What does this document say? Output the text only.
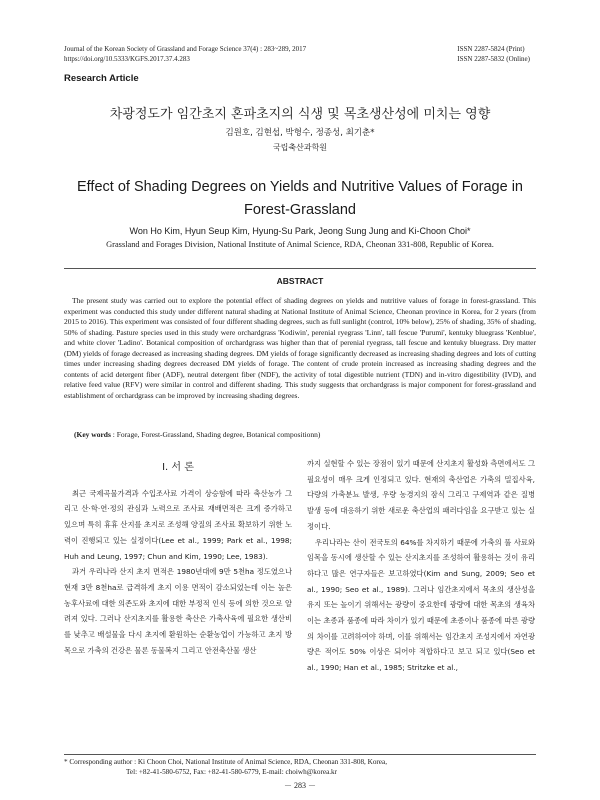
Journal of the Korean Society of Grassland and Forage Science 37(4) : 283~289, 2017
https://doi.org/10.5333/KGFS.2017.37.4.283
ISSN 2287-5824 (Print)
ISSN 2287-5832 (Online)
Research Article
차광정도가 임간초지 혼파초지의 식생 및 목초생산성에 미치는 영향
김원호, 김현섭, 박형수, 정종성, 최기춘*
국립축산과학원
Effect of Shading Degrees on Yields and Nutritive Values of Forage in Forest-Grassland
Won Ho Kim, Hyun Seup Kim, Hyung-Su Park, Jeong Sung Jung and Ki-Choon Choi*
Grassland and Forages Division, National Institute of Animal Science, RDA, Cheonan 331-808, Republic of Korea.
ABSTRACT
The present study was carried out to explore the potential effect of shading degrees on yields and nutritive values of forage in forest-grassland. This experiment was conducted this study under different natural shading at National Institute of Animal Science, Cheonan province in Korea, for 2 years (from 2015 to 2016). This experiment was consisted of four different shading degrees, such as full sunlight (control, 10% below), 25% of shading, 35% of shading, 50% of shading. Pasture species used in this study were orchardgrass 'Kodiwin', perenial ryegrass 'Linn', tall fescue 'Purumi', kentuky bluegrass 'Kenblue', and white clover 'Ladino'. Botanical composition of orchardgrass was higher than that of perenial ryegrass, tall fescue and kentuky bluegrass. Dry matter (DM) yields of forage decreased as increasing shading degrees. DM yields of forage significantly decreased as increasing shading degrees and lots of cutting times under increasing shading degrees decreased DM yields of forage. The content of crude protein increased as increasing shading degrees and the contents of acid detergent fiber (ADF), neutral detergent fiber (NDF), the activity of total digestible nutrient (TDN) and in-vitro digestibility (IVD), and relative feed value (RFV) were similar in control and different shading. This study suggests that orchardgrass is major component for forest-grassland and establishment of orchardgrass can be improved by increasing shading degrees.
(Key words : Forage, Forest-Grassland, Shading degree, Botanical compositionn)
Ⅰ. 서 론

최근 국제곡물가격과 수입조사료 가격이 상승함에 따라 축산농가 그리고 산·학·연·정의 관심과 노력으로 조사료 재배면적은 크게 증가하고 있으며 특히 휴휴 산지를 초지로 조성해 양질의 조사료 확보하기 위한 노력이 진행되고 있는 실정이다(Lee et al., 1999; Park et al., 1998; Huh and Leung, 1997; Chun and Kim, 1990; Lee, 1983).

과거 우리나라 산지 초지 면적은 1980년대에 9만 5천ha 정도였으나 현재 3만 8천ha로 급격하게 초지 이용 면적이 감소되었는데 이는 높은 농후사료에 대한 의존도와 초지에 대한 부정적 인식 등에 의한 것으로 알려져 있다. 그러나 산지초지를 활용한 축산은 가축사육에 필요한 생산비를 낮추고 배설물을 다시 초지에 환원하는 순환농업이 가능하고 초지 방목으로 가축의 건강은 물론 동물복지 그리고 안전축산물 생산

까지 실현할 수 있는 장점이 있기 때문에 산지초지 활성화 측면에서도 그 필요성이 매우 크게 인정되고 있다. 현재의 축산업은 가축의 밀집사육, 다량의 가축분뇨 발생, 우량 농경지의 잠식 그리고 구제역과 같은 질병 발생 등에 대응하기 위한 새로운 축산업의 패러다임을 요구받고 있는 실정이다.

우리나라는 산이 전국토의 64%를 차지하기 때문에 가축의 풀 사료와 임목을 동시에 생산할 수 있는 산지초지를 조성하여 활용하는 것이 유리하다고 많은 연구자들은 보고하였다(Kim and Sung, 2009; Seo et al., 1990; Seo et al., 1989). 그러나 임간초지에서 목초의 생산성을 유지 또는 높이기 위해서는 광량이 중요한데 광량에 대한 목초의 생육차이는 초종과 품종에 따라 차이가 있기 때문에 초종이나 품종에 따른 광량의 차이를 고려하여야 하며, 이를 위해서는 임간초지 조성지에서 자연광량은 적어도 50% 이상은 되어야 적합하다고 보고 되고 있다(Seo et al., 1990; Han et al., 1985; Stritzke et al.,

* Corresponding author : Ki Choon Choi, National Institute of Animal Science, RDA, Cheonan 331-808, Korea,
Tel: +82-41-580-6752, Fax: +82-41-580-6779, E-mail: choiwh@korea.kr
－ 283 －
